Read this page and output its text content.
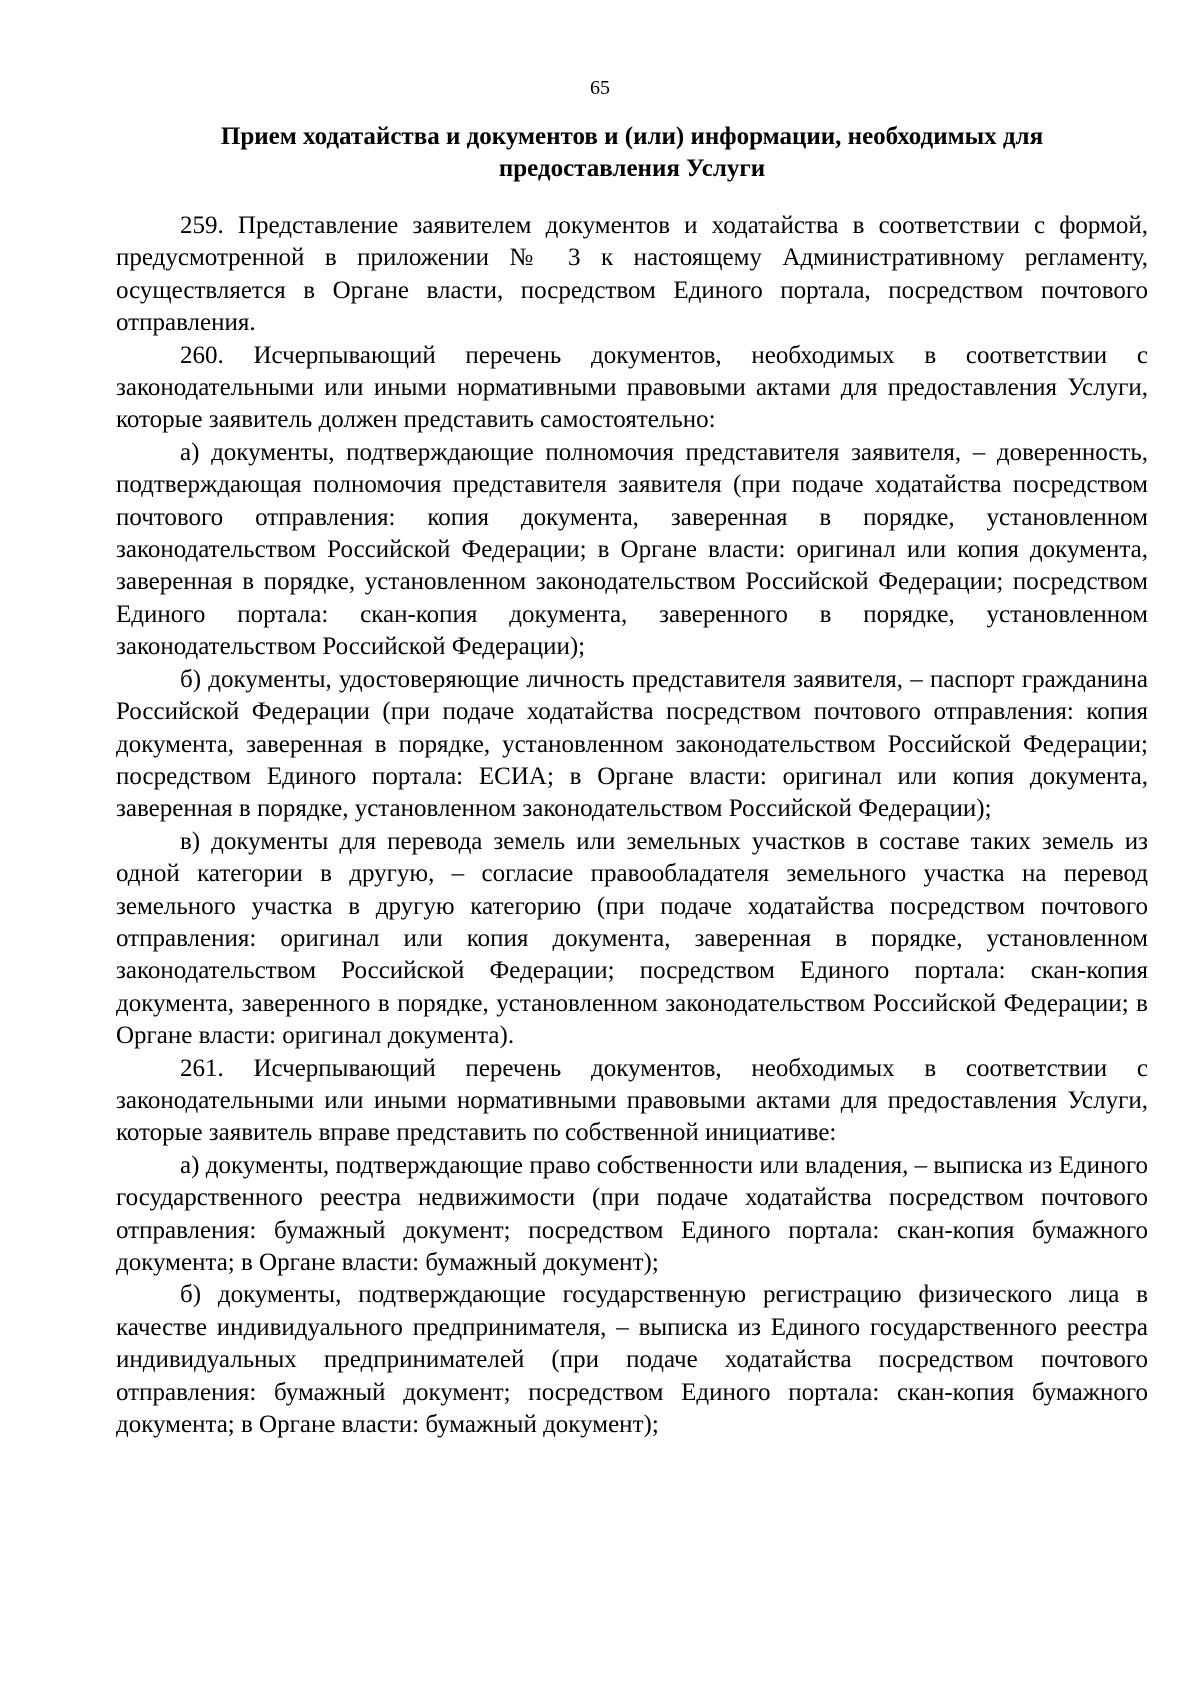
65
Прием ходатайства и документов и (или) информации, необходимых для
предоставления Услуги

259. Представление заявителем документов и ходатайства в соответствии с формой, предусмотренной в приложении № 3 к настоящему Административному регламенту, осуществляется в Органе власти, посредством Единого портала, посредством почтового отправления.

260. Исчерпывающий перечень документов, необходимых в соответствии с законодательными или иными нормативными правовыми актами для предоставления Услуги, которые заявитель должен представить самостоятельно:

а) документы, подтверждающие полномочия представителя заявителя, – доверенность, подтверждающая полномочия представителя заявителя (при подаче ходатайства посредством почтового отправления: копия документа, заверенная в порядке, установленном законодательством Российской Федерации; в Органе власти: оригинал или копия документа, заверенная в порядке, установленном законодательством Российской Федерации; посредством Единого портала: скан-копия документа, заверенного в порядке, установленном законодательством Российской Федерации);

б) документы, удостоверяющие личность представителя заявителя, – паспорт гражданина Российской Федерации (при подаче ходатайства посредством почтового отправления: копия документа, заверенная в порядке, установленном законодательством Российской Федерации; посредством Единого портала: ЕСИА; в Органе власти: оригинал или копия документа, заверенная в порядке, установленном законодательством Российской Федерации);

в) документы для перевода земель или земельных участков в составе таких земель из одной категории в другую, – согласие правообладателя земельного участка на перевод земельного участка в другую категорию (при подаче ходатайства посредством почтового отправления: оригинал или копия документа, заверенная в порядке, установленном законодательством Российской Федерации; посредством Единого портала: скан-копия документа, заверенного в порядке, установленном законодательством Российской Федерации; в Органе власти: оригинал документа).

261. Исчерпывающий перечень документов, необходимых в соответствии с законодательными или иными нормативными правовыми актами для предоставления Услуги, которые заявитель вправе представить по собственной инициативе:

а) документы, подтверждающие право собственности или владения, – выписка из Единого государственного реестра недвижимости (при подаче ходатайства посредством почтового отправления: бумажный документ; посредством Единого портала: скан-копия бумажного документа; в Органе власти: бумажный документ);

б) документы, подтверждающие государственную регистрацию физического лица в качестве индивидуального предпринимателя, – выписка из Единого государственного реестра индивидуальных предпринимателей (при подаче ходатайства посредством почтового отправления: бумажный документ; посредством Единого портала: скан-копия бумажного документа; в Органе власти: бумажный документ);
